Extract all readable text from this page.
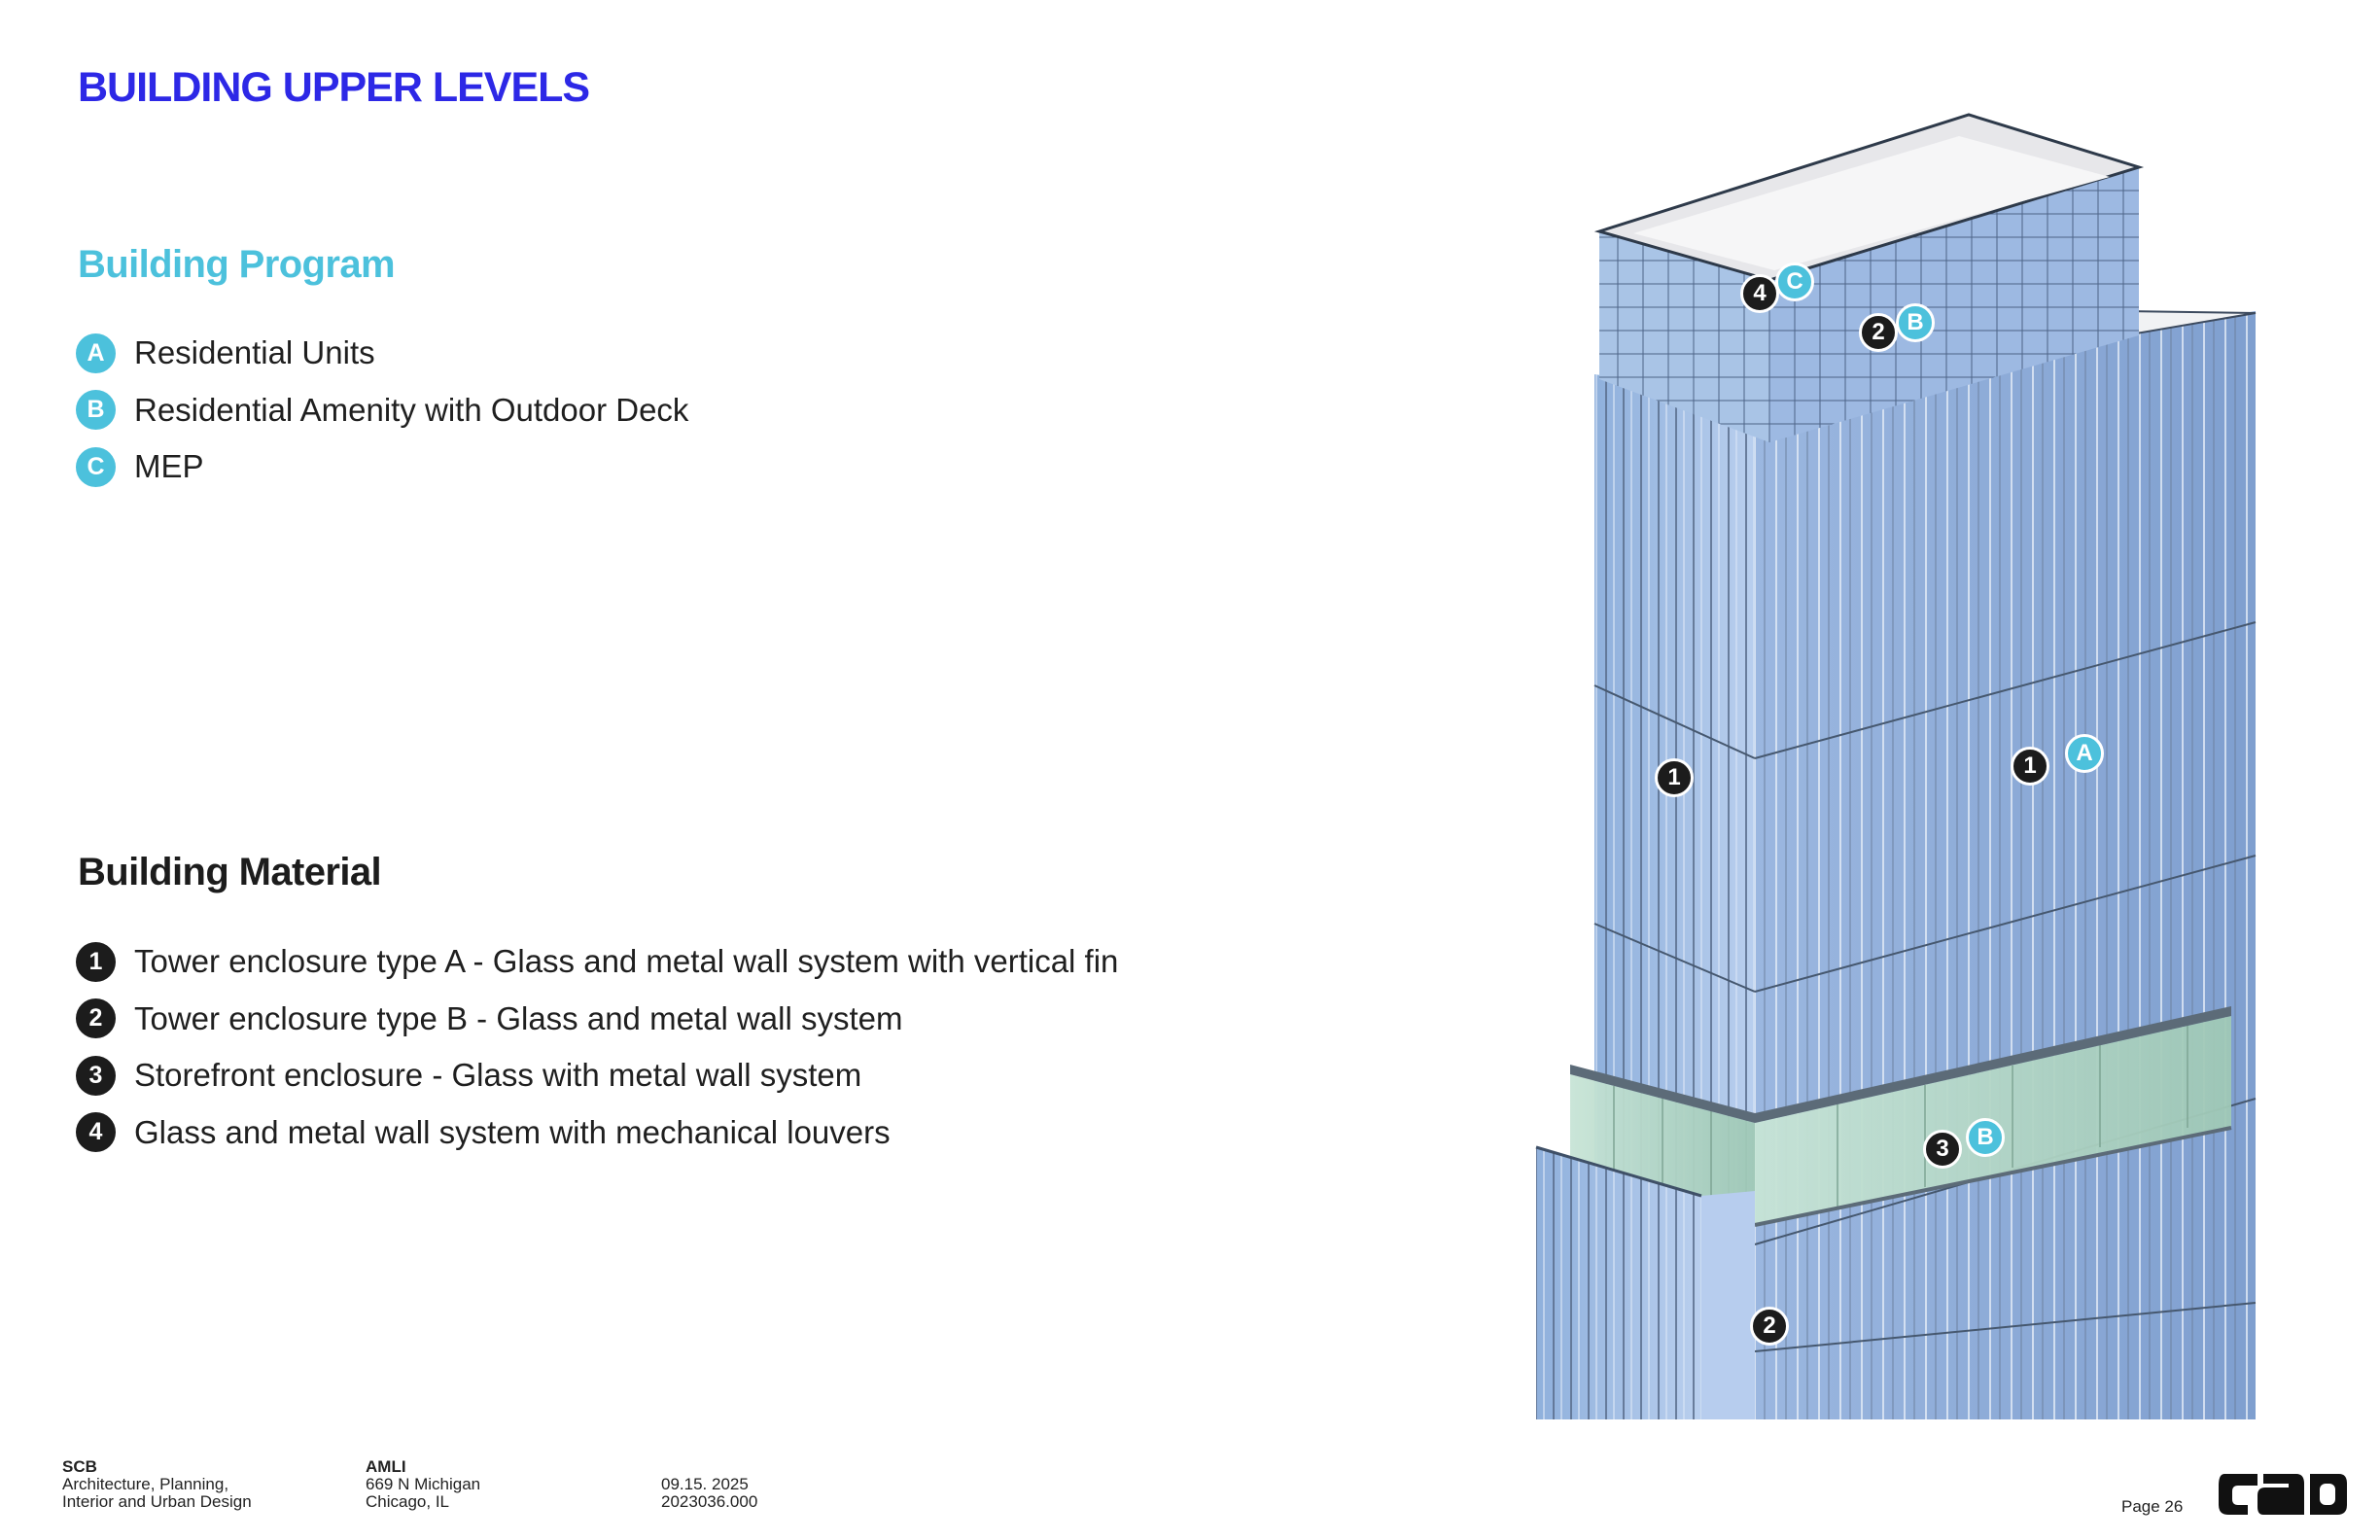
BUILDING UPPER LEVELS
Building Program
A Residential Units
B Residential Amenity with Outdoor Deck
C MEP
Building Material
1 Tower enclosure type A - Glass and metal wall system with vertical fin
2 Tower enclosure type B - Glass and metal wall system
3 Storefront enclosure - Glass with metal wall system
4 Glass and metal wall system with mechanical louvers
4 C
2 B
1	1	A
3	B
2
SCB
Architecture, Planning,
Interior and Urban Design
AMLI
669 N Michigan
Chicago, IL
09.15. 2025
2023036.000	Page 26
